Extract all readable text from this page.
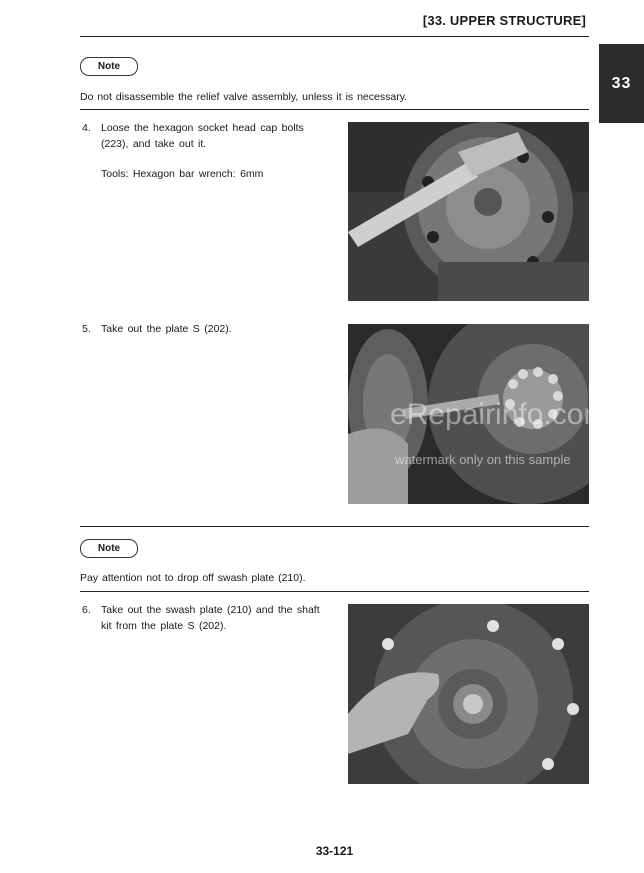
[33. UPPER STRUCTURE]
33
Note
Do not disassemble the relief valve assembly, unless it is necessary.
4. Loose the hexagon socket head cap bolts (223), and take out it.
Tools: Hexagon bar wrench: 6mm
5. Take out the plate S (202).
eRepairinfo.com
watermark only on this sample
Note
Pay attention not to drop off swash plate (210).
6. Take out the swash plate (210) and the shaft kit from the plate S (202).
33-121
